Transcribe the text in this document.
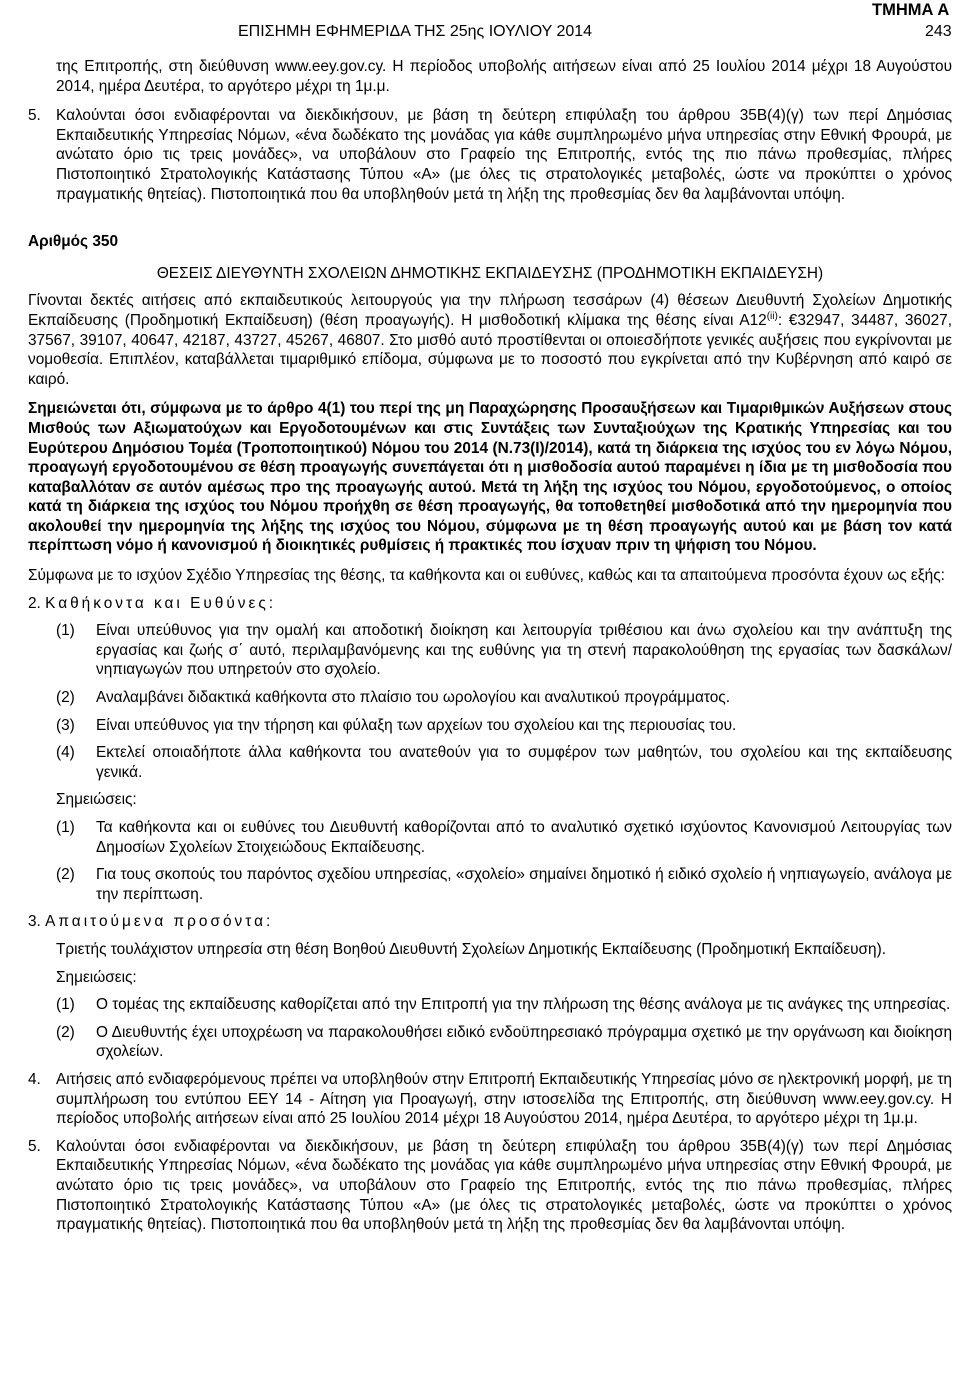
ΤΜΗΜΑ Α
ΕΠΙΣΗΜΗ ΕΦΗΜΕΡΙΔΑ ΤΗΣ 25ης ΙΟΥΛΙΟΥ 2014	243

της Επιτροπής, στη διεύθυνση www.eey.gov.cy. Η περίοδος υποβολής αιτήσεων είναι από 25 Ιουλίου 2014 μέχρι 18 Αυγούστου 2014, ημέρα Δευτέρα, το αργότερο μέχρι τη 1μ.μ.

5. Καλούνται όσοι ενδιαφέρονται να διεκδικήσουν, με βάση τη δεύτερη επιφύλαξη του άρθρου 35Β(4)(γ) των περί Δημόσιας Εκπαιδευτικής Υπηρεσίας Νόμων, «ένα δωδέκατο της μονάδας για κάθε συμπληρωμένο μήνα υπηρεσίας στην Εθνική Φρουρά, με ανώτατο όριο τις τρεις μονάδες», να υποβάλουν στο Γραφείο της Επιτροπής, εντός της πιο πάνω προθεσμίας, πλήρες Πιστοποιητικό Στρατολογικής Κατάστασης Τύπου «Α» (με όλες τις στρατολογικές μεταβολές, ώστε να προκύπτει ο χρόνος πραγματικής θητείας). Πιστοποιητικά που θα υποβληθούν μετά τη λήξη της προθεσμίας δεν θα λαμβάνονται υπόψη.
Αριθμός 350
ΘΕΣΕΙΣ ΔΙΕΥΘΥΝΤΗ ΣΧΟΛΕΙΩΝ ΔΗΜΟΤΙΚΗΣ ΕΚΠΑΙΔΕΥΣΗΣ (ΠΡΟΔΗΜΟΤΙΚΗ ΕΚΠΑΙΔΕΥΣΗ)

Γίνονται δεκτές αιτήσεις από εκπαιδευτικούς λειτουργούς για την πλήρωση τεσσάρων (4) θέσεων Διευθυντή Σχολείων Δημοτικής Εκπαίδευσης (Προδημοτική Εκπαίδευση) (θέση προαγωγής). Η μισθοδοτική κλίμακα της θέσης είναι Α12$^{(ii)}$: €32947, 34487, 36027, 37567, 39107, 40647, 42187, 43727, 45267, 46807. Στο μισθό αυτό προστίθενται οι οποιεσδήποτε γενικές αυξήσεις που εγκρίνονται με νομοθεσία. Επιπλέον, καταβάλλεται τιμαριθμικό επίδομα, σύμφωνα με το ποσοστό που εγκρίνεται από την Κυβέρνηση από καιρό σε καιρό.

Σημειώνεται ότι, σύμφωνα με το άρθρο 4(1) του περί της μη Παραχώρησης Προσαυξήσεων και Τιμαριθμικών Αυξήσεων στους Μισθούς των Αξιωματούχων και Εργοδοτουμένων και στις Συντάξεις των Συνταξιούχων της Κρατικής Υπηρεσίας και του Ευρύτερου Δημόσιου Τομέα (Τροποποιητικού) Νόμου του 2014 (Ν.73(Ι)/2014), κατά τη διάρκεια της ισχύος του εν λόγω Νόμου, προαγωγή εργοδοτουμένου σε θέση προαγωγής συνεπάγεται ότι η μισθοδοσία αυτού παραμένει η ίδια με τη μισθοδοσία που καταβαλλόταν σε αυτόν αμέσως προ της προαγωγής αυτού. Μετά τη λήξη της ισχύος του Νόμου, εργοδοτούμενος, ο οποίος κατά τη διάρκεια της ισχύος του Νόμου προήχθη σε θέση προαγωγής, θα τοποθετηθεί μισθοδοτικά από την ημερομηνία που ακολουθεί την ημερομηνία της λήξης της ισχύος του Νόμου, σύμφωνα με τη θέση προαγωγής αυτού και με βάση τον κατά περίπτωση νόμο ή κανονισμού ή διοικητικές ρυθμίσεις ή πρακτικές που ίσχυαν πριν τη ψήφιση του Νόμου.

Σύμφωνα με το ισχύον Σχέδιο Υπηρεσίας της θέσης, τα καθήκοντα και οι ευθύνες, καθώς και τα απαιτούμενα προσόντα έχουν ως εξής:

2. Καθήκοντα και Ευθύνες:
(1)	Είναι υπεύθυνος για την ομαλή και αποδοτική διοίκηση και λειτουργία τριθέσιου και άνω σχολείου και την ανάπτυξη της εργασίας και ζωής σ΄ αυτό, περιλαμβανόμενης και της ευθύνης για τη στενή παρακολούθηση της εργασίας των δασκάλων/ νηπιαγωγών που υπηρετούν στο σχολείο.
(2)	Αναλαμβάνει διδακτικά καθήκοντα στο πλαίσιο του ωρολογίου και αναλυτικού προγράμματος.
(3)	Είναι υπεύθυνος για την τήρηση και φύλαξη των αρχείων του σχολείου και της περιουσίας του.
(4)	Εκτελεί οποιαδήποτε άλλα καθήκοντα του ανατεθούν για το συμφέρον των μαθητών, του σχολείου και της εκπαίδευσης γενικά.

Σημειώσεις:

(1)	Τα καθήκοντα και οι ευθύνες του Διευθυντή καθορίζονται από το αναλυτικό σχετικό ισχύοντος Κανονισμού Λειτουργίας των Δημοσίων Σχολείων Στοιχειώδους Εκπαίδευσης.
(2)	Για τους σκοπούς του παρόντος σχεδίου υπηρεσίας, «σχολείο» σημαίνει δημοτικό ή ειδικό σχολείο ή νηπιαγωγείο, ανάλογα με την περίπτωση.
3. Απαιτούμενα προσόντα:

Τριετής τουλάχιστον υπηρεσία στη θέση Βοηθού Διευθυντή Σχολείων Δημοτικής Εκπαίδευσης (Προδημοτική Εκπαίδευση).

Σημειώσεις:

(1)	Ο τομέας της εκπαίδευσης καθορίζεται από την Επιτροπή για την πλήρωση της θέσης ανάλογα με τις ανάγκες της υπηρεσίας.
(2)	Ο Διευθυντής έχει υποχρέωση να παρακολουθήσει ειδικό ενδοϋπηρεσιακό πρόγραμμα σχετικό με την οργάνωση και διοίκηση σχολείων.
4. Αιτήσεις από ενδιαφερόμενους πρέπει να υποβληθούν στην Επιτροπή Εκπαιδευτικής Υπηρεσίας μόνο σε ηλεκτρονική μορφή, με τη συμπλήρωση του εντύπου ΕΕΥ 14 - Αίτηση για Προαγωγή, στην ιστοσελίδα της Επιτροπής, στη διεύθυνση www.eey.gov.cy. Η περίοδος υποβολής αιτήσεων είναι από 25 Ιουλίου 2014 μέχρι 18 Αυγούστου 2014, ημέρα Δευτέρα, το αργότερο μέχρι τη 1μ.μ.
5. Καλούνται όσοι ενδιαφέρονται να διεκδικήσουν, με βάση τη δεύτερη επιφύλαξη του άρθρου 35Β(4)(γ) των περί Δημόσιας Εκπαιδευτικής Υπηρεσίας Νόμων, «ένα δωδέκατο της μονάδας για κάθε συμπληρωμένο μήνα υπηρεσίας στην Εθνική Φρουρά, με ανώτατο όριο τις τρεις μονάδες», να υποβάλουν στο Γραφείο της Επιτροπής, εντός της πιο πάνω προθεσμίας, πλήρες Πιστοποιητικό Στρατολογικής Κατάστασης Τύπου «Α» (με όλες τις στρατολογικές μεταβολές, ώστε να προκύπτει ο χρόνος πραγματικής θητείας). Πιστοποιητικά που θα υποβληθούν μετά τη λήξη της προθεσμίας δεν θα λαμβάνονται υπόψη.
